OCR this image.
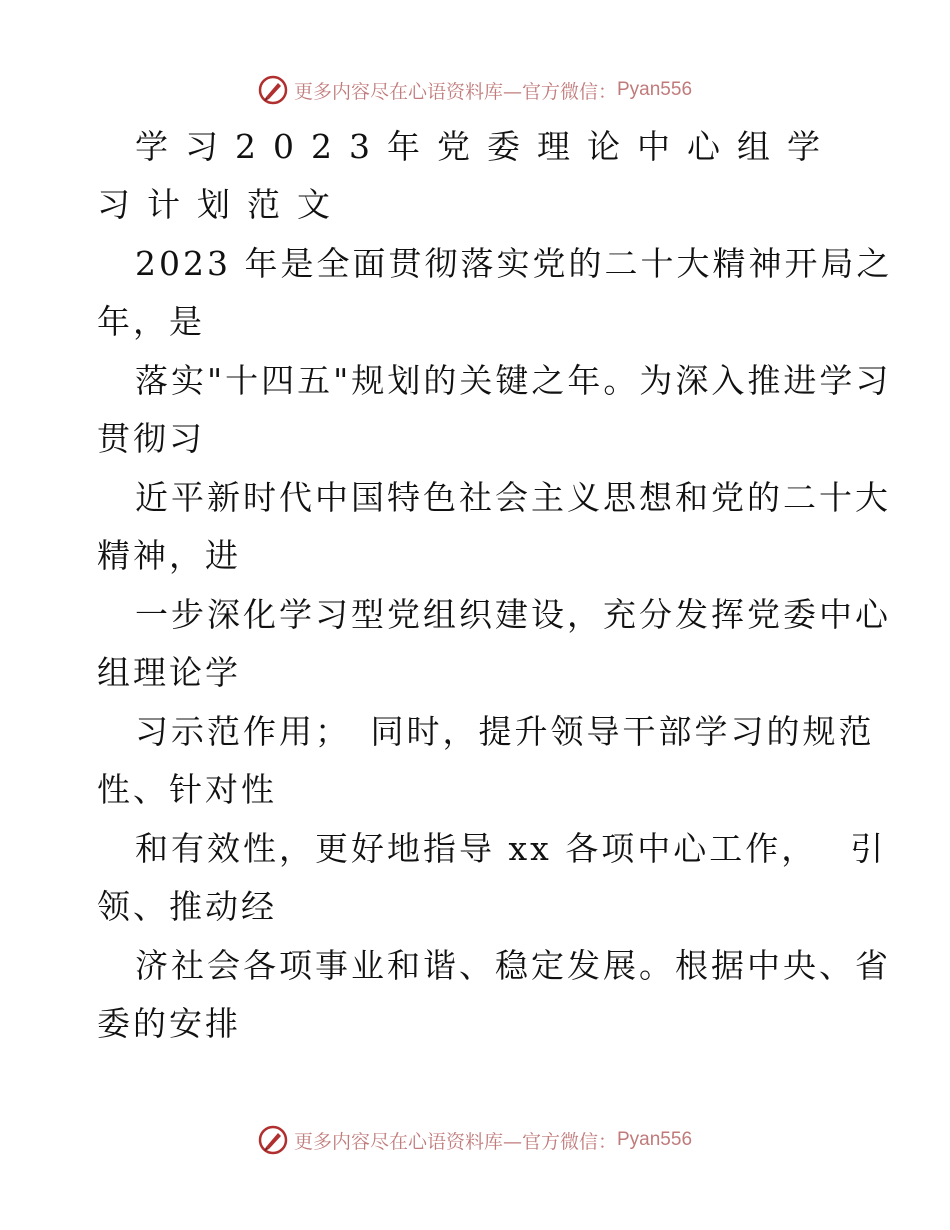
更多内容尽在心语资料库—官方微信： Pyan556
学习2023年党委理论中心组学
习计划范文
2023 年是全面贯彻落实党的二十大精神开局之
年，是
落实"十四五"规划的关键之年。为深入推进学习
贯彻习
近平新时代中国特色社会主义思想和党的二十大
精神，进
一步深化学习型党组织建设，充分发挥党委中心
组理论学
习示范作用；　同时，提升领导干部学习的规范
性、针对性
和有效性，更好地指导 xx 各项中心工作，　 引
领、推动经
济社会各项事业和谐、稳定发展。根据中央、省
委的安排
更多内容尽在心语资料库—官方微信： Pyan556
